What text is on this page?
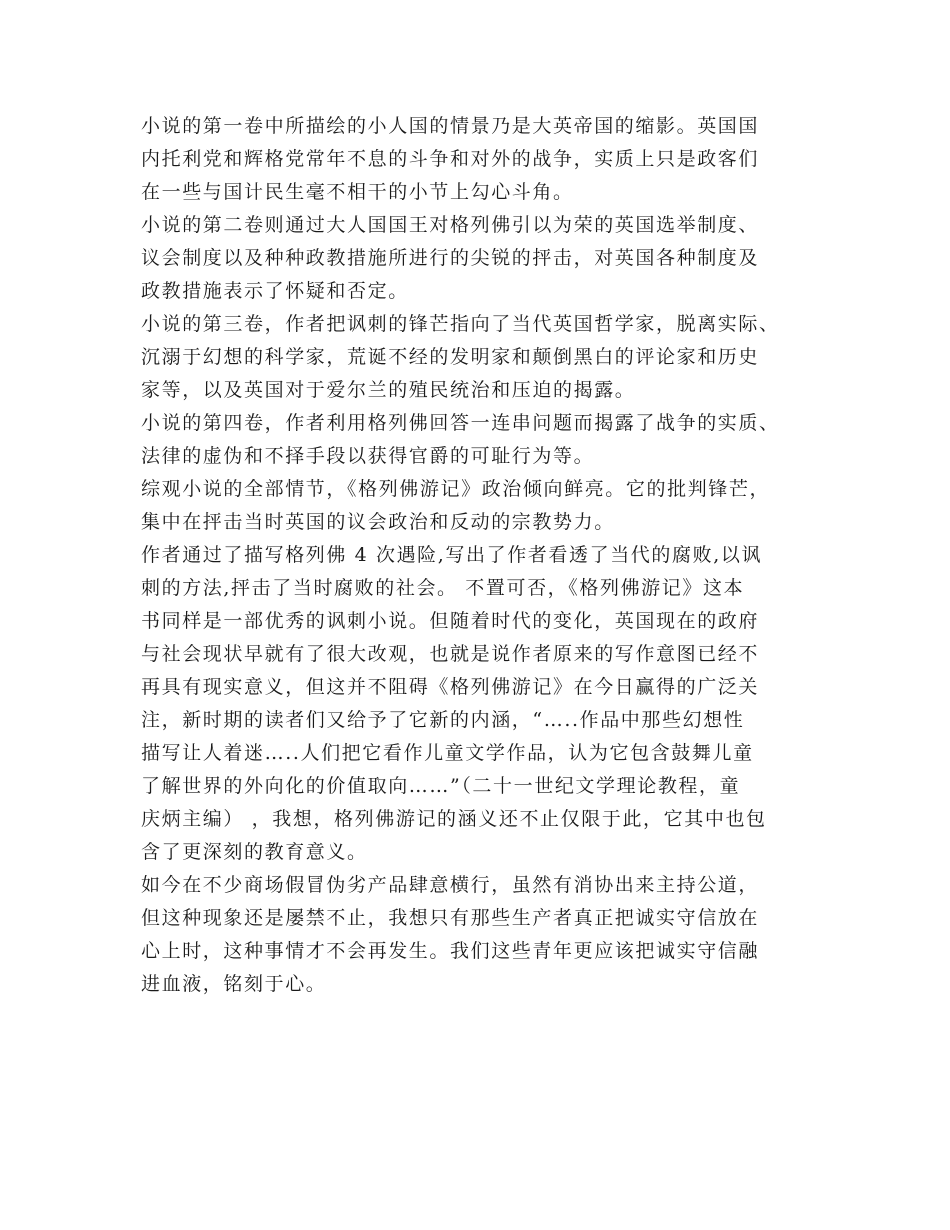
小说的第一卷中所描绘的小人国的情景乃是大英帝国的缩影。英国国
内托利党和辉格党常年不息的斗争和对外的战争，实质上只是政客们
在一些与国计民生毫不相干的小节上勾心斗角。
小说的第二卷则通过大人国国王对格列佛引以为荣的英国选举制度、
议会制度以及种种政教措施所进行的尖锐的抨击，对英国各种制度及
政教措施表示了怀疑和否定。
小说的第三卷，作者把讽刺的锋芒指向了当代英国哲学家，脱离实际、
沉溺于幻想的科学家，荒诞不经的发明家和颠倒黑白的评论家和历史
家等，以及英国对于爱尔兰的殖民统治和压迫的揭露。
小说的第四卷，作者利用格列佛回答一连串问题而揭露了战争的实质、
法律的虚伪和不择手段以获得官爵的可耻行为等。
综观小说的全部情节，《格列佛游记》政治倾向鲜亮。它的批判锋芒，
集中在抨击当时英国的议会政治和反动的宗教势力。
作者通过了描写格列佛 4 次遇险,写出了作者看透了当代的腐败,以讽
刺的方法,抨击了当时腐败的社会。 不置可否，《格列佛游记》这本
书同样是一部优秀的讽刺小说。但随着时代的变化，英国现在的政府
与社会现状早就有了很大改观，也就是说作者原来的写作意图已经不
再具有现实意义，但这并不阻碍《格列佛游记》在今日赢得的广泛关
注，新时期的读者们又给予了它新的内涵，“…..作品中那些幻想性
描写让人着迷…..人们把它看作儿童文学作品，认为它包含鼓舞儿童
了解世界的外向化的价值取向……”（二十一世纪文学理论教程，童
庆炳主编） ，我想，格列佛游记的涵义还不止仅限于此，它其中也包
含了更深刻的教育意义。
如今在不少商场假冒伪劣产品肆意横行，虽然有消协出来主持公道，
但这种现象还是屡禁不止，我想只有那些生产者真正把诚实守信放在
心上时，这种事情才不会再发生。我们这些青年更应该把诚实守信融
进血液，铭刻于心。
